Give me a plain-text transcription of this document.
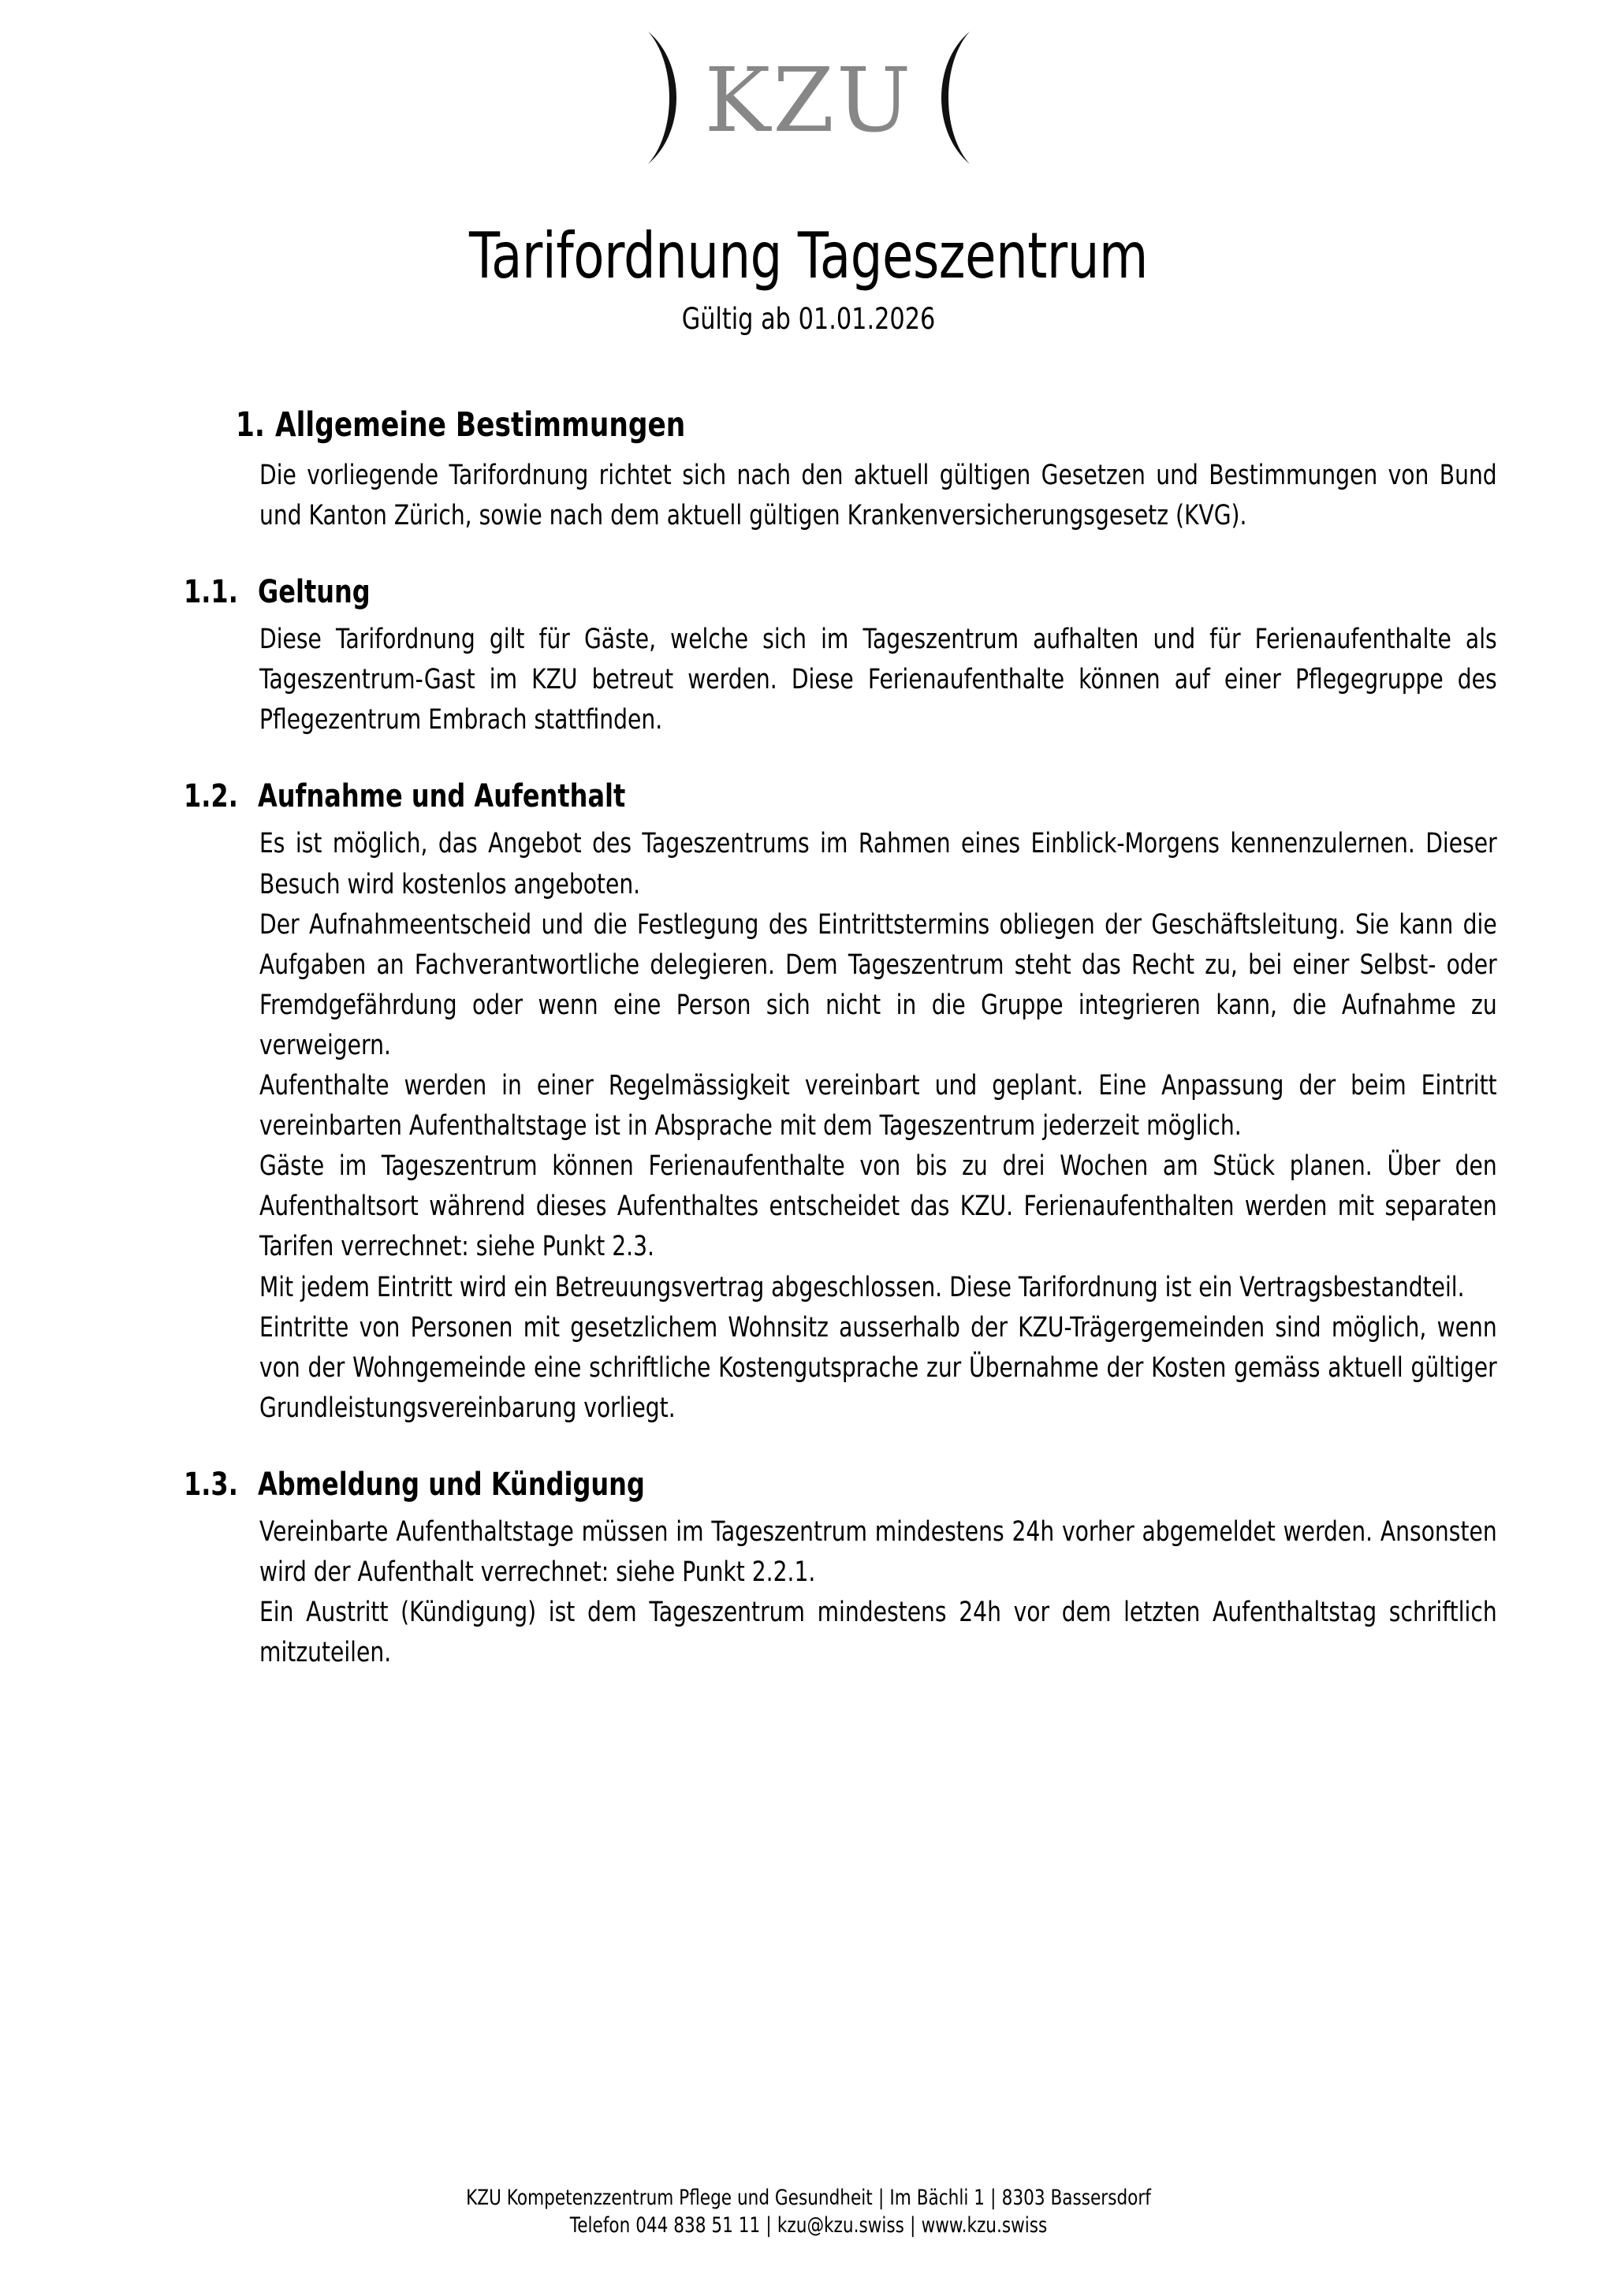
KZU
Tarifordnung Tageszentrum
Gültig ab 01.01.2026
1. Allgemeine Bestimmungen

Die vorliegende Tarifordnung richtet sich nach den aktuell gültigen Gesetzen und Bestimmungen von Bund und Kanton Zürich, sowie nach dem aktuell gültigen Krankenversicherungsgesetz (KVG).

1.1. Geltung

Diese Tarifordnung gilt für Gäste, welche sich im Tageszentrum aufhalten und für Ferienaufenthalte als Tageszentrum-Gast im KZU betreut werden. Diese Ferienaufenthalte können auf einer Pflegegruppe des Pflegezentrum Embrach stattfinden.

1.2. Aufnahme und Aufenthalt

Es ist möglich, das Angebot des Tageszentrums im Rahmen eines Einblick-Morgens kennenzulernen. Dieser Besuch wird kostenlos angeboten.

Der Aufnahmeentscheid und die Festlegung des Eintrittstermins obliegen der Geschäftsleitung. Sie kann die Aufgaben an Fachverantwortliche delegieren. Dem Tageszentrum steht das Recht zu, bei einer Selbst- oder Fremdgefährdung oder wenn eine Person sich nicht in die Gruppe integrieren kann, die Aufnahme zu verweigern.

Aufenthalte werden in einer Regelmässigkeit vereinbart und geplant. Eine Anpassung der beim Eintritt vereinbarten Aufenthaltstage ist in Absprache mit dem Tageszentrum jederzeit möglich.

Gäste im Tageszentrum können Ferienaufenthalte von bis zu drei Wochen am Stück planen. Über den Aufenthaltsort während dieses Aufenthaltes entscheidet das KZU. Ferienaufenthalten werden mit separaten Tarifen verrechnet: siehe Punkt 2.3.

Mit jedem Eintritt wird ein Betreuungsvertrag abgeschlossen. Diese Tarifordnung ist ein Vertragsbestandteil.

Eintritte von Personen mit gesetzlichem Wohnsitz ausserhalb der KZU-Trägergemeinden sind möglich, wenn von der Wohngemeinde eine schriftliche Kostengutsprache zur Übernahme der Kosten gemäss aktuell gültiger Grundleistungsvereinbarung vorliegt.

1.3. Abmeldung und Kündigung

Vereinbarte Aufenthaltstage müssen im Tageszentrum mindestens 24h vorher abgemeldet werden. Ansonsten wird der Aufenthalt verrechnet: siehe Punkt 2.2.1.

Ein Austritt (Kündigung) ist dem Tageszentrum mindestens 24h vor dem letzten Aufenthaltstag schriftlich mitzuteilen.

KZU Kompetenzzentrum Pflege und Gesundheit | Im Bächli 1 | 8303 Bassersdorf
Telefon 044 838 51 11 | kzu@kzu.swiss | www.kzu.swiss
